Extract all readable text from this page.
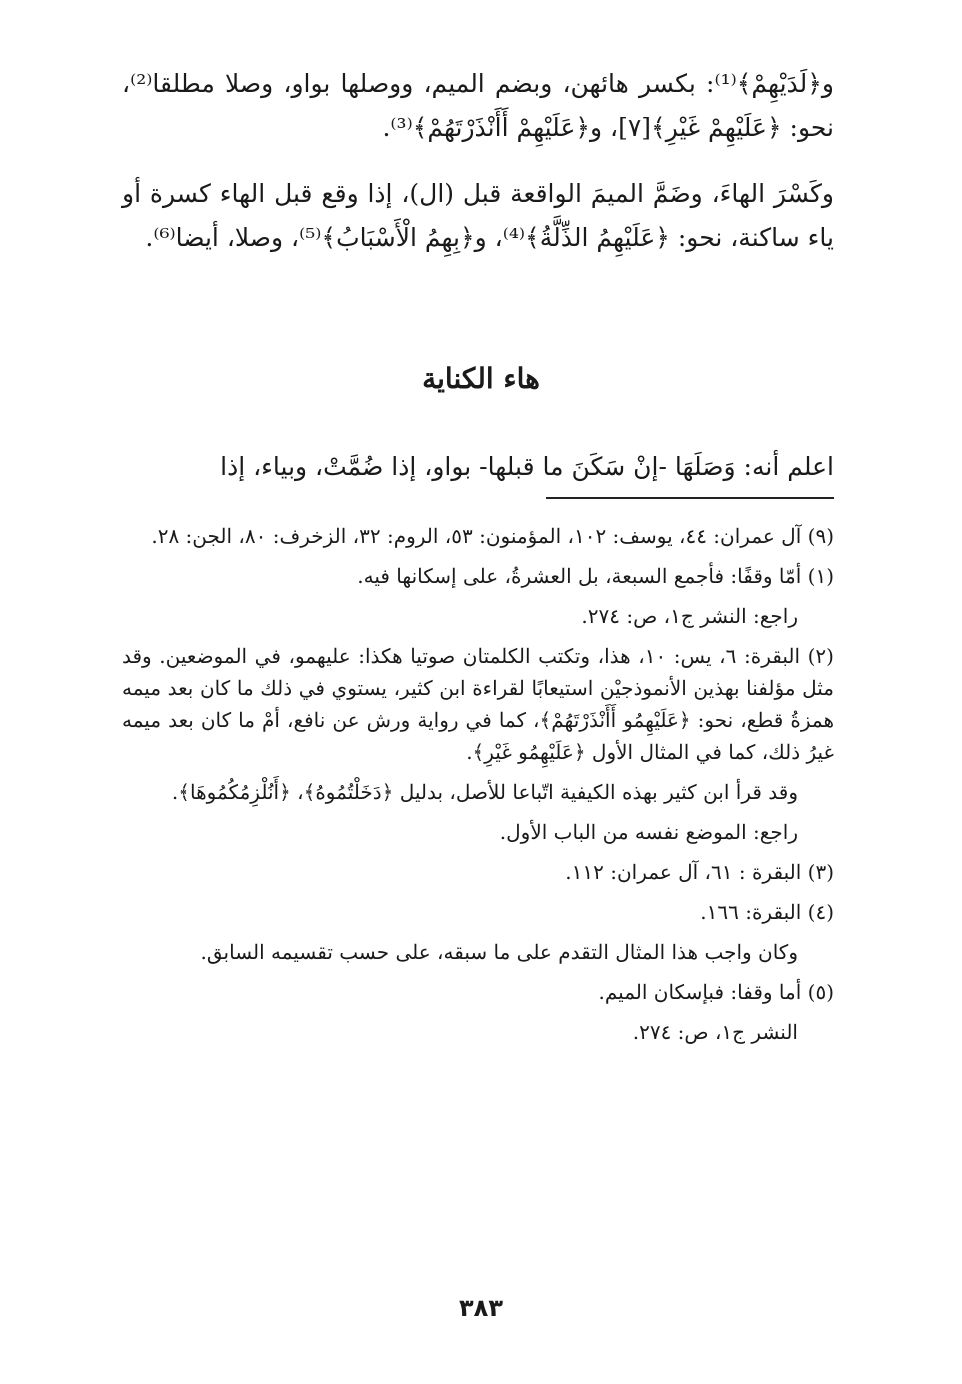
و﴿لَدَيْهِمْ﴾⁽¹⁾: بكسر هائهن، وبضم الميم، ووصلها بواو، وصلا مطلقا⁽²⁾، نحو: ﴿عَلَيْهِمْ غَيْرِ﴾[٧]، و﴿عَلَيْهِمْ أَأَنْذَرْتَهُمْ﴾⁽³⁾.

وكَسْرَ الهاءَ، وضَمَّ الميمَ الواقعة قبل (ال)، إذا وقع قبل الهاء كسرة أو ياء ساكنة، نحو: ﴿عَلَيْهِمُ الذِّلَّةُ﴾⁽⁴⁾، و﴿بِهِمُ الْأَسْبَابُ﴾⁽⁵⁾، وصلا، أيضا⁽⁶⁾.

هاء الكناية
اعلم أنه: وَصَلَهَا -إنْ سَكَنَ ما قبلها- بواو، إذا ضُمَّتْ، وبياء، إذا

(٩) آل عمران: ٤٤، يوسف: ١٠٢، المؤمنون: ٥٣، الروم: ٣٢، الزخرف: ٨٠، الجن: ٢٨.

(١) أمّا وقفًا: فأجمع السبعة، بل العشرةُ، على إسكانها فيه.

راجع: النشر ج١، ص: ٢٧٤.

(٢) البقرة: ٦، يس: ١٠، هذا، وتكتب الكلمتان صوتيا هكذا: عليهمو، في الموضعين. وقد مثل مؤلفنا بهذين الأنموذجيْن استيعابًا لقراءة ابن كثير، يستوي في ذلك ما كان بعد ميمه همزةُ قطع، نحو: ﴿عَلَيْهِمُو أَأَنْذَرْتَهُمْ﴾، كما في رواية ورش عن نافع، أمْ ما كان بعد ميمه غيرُ ذلك، كما في المثال الأول ﴿عَلَيْهِمُو غَيْرِ﴾.

وقد قرأ ابن كثير بهذه الكيفية اتّباعا للأصل، بدليل ﴿دَخَلْتُمُوهُ﴾، ﴿أَنُلْزِمُكُمُوهَا﴾.

راجع: الموضع نفسه من الباب الأول.

(٣) البقرة : ٦١، آل عمران: ١١٢.

(٤) البقرة: ١٦٦.

وكان واجب هذا المثال التقدم على ما سبقه، على حسب تقسيمه السابق.

(٥) أما وقفا: فبإسكان الميم.

النشر ج١، ص: ٢٧٤.

٣٨٣
